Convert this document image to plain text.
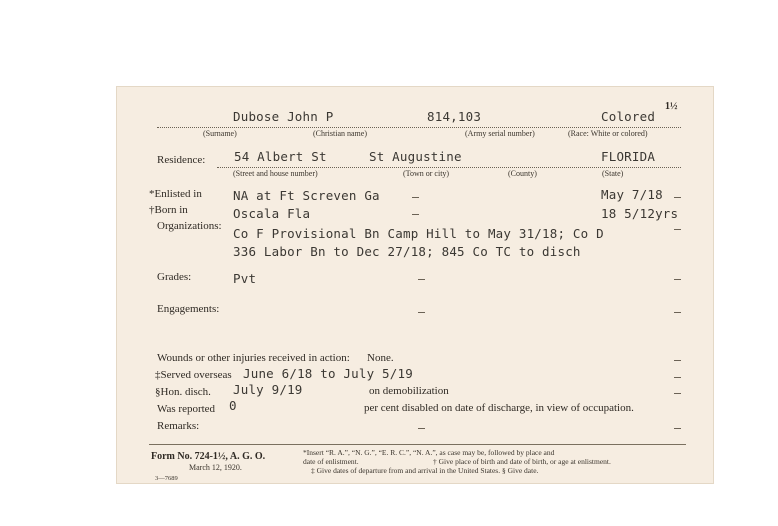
1½
Dubose John P	814,103	Colored
(Surname)	(Christian name)	(Army serial number)	(Race: White or colored)
Residence: 54 Albert St	St Augustine	FLORIDA
(Street and house number)	(Town or city)	(County)	(State)
*Enlisted in NA at Ft Screven Ga	May 7/18
†Born in	Oscala Fla	18 5/12yrs
Organizations: Co F Provisional Bn Camp Hill to May 31/18; Co D
336 Labor Bn to Dec 27/18; 845 Co TC to disch
Grades:	Pvt
Engagements:
Wounds or other injuries received in action: None.
‡Served overseas June 6/18 to July 5/19
§Hon. disch. July 9/19	on demobilization
Was reported 0	per cent disabled on date of discharge, in view of occupation.
Remarks:
Form No. 724-1½, A. G. O.
March 12, 1920.
3—7689
*Insert “R. A.”, “N. G.”, “E. R. C.”, “N. A.”, as case may be, followed by place and
date of enlistment.	† Give place of birth and date of birth, or age at enlistment.
‡ Give dates of departure from and arrival in the United States. § Give date.
